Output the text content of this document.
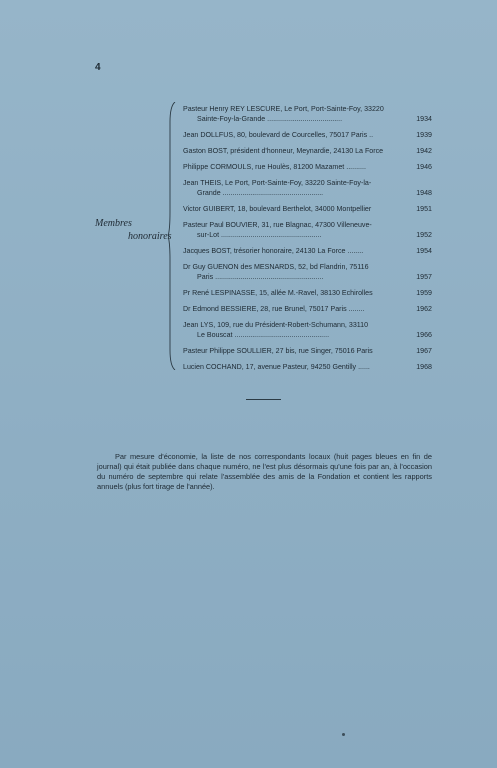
4
Membres
honoraires
Pasteur Henry REY LESCURE, Le Port, Port-Sainte-Foy, 33220
Sainte-Foy-la-Grande ......................................	1934
Jean DOLLFUS, 80, boulevard de Courcelles, 75017 Paris ..	1939
Gaston BOST, président d'honneur, Meynardie, 24130 La Force	1942
Philippe CORMOULS, rue Houlès, 81200 Mazamet ..........	1946
Jean THEIS, Le Port, Port-Sainte-Foy, 33220 Sainte-Foy-la-
Grande ...................................................	1948
Victor GUIBERT, 18, boulevard Berthelot, 34000 Montpellier	1951
Pasteur Paul BOUVIER, 31, rue Blagnac, 47300 Villeneuve-
sur-Lot ...................................................	1952
Jacques BOST, trésorier honoraire, 24130 La Force ........	1954
Dr Guy GUENON des MESNARDS, 52, bd Flandrin, 75116
Paris .......................................................	1957
Pr René LESPINASSE, 15, allée M.-Ravel, 38130 Echirolles	1959
Dr Edmond BESSIERE, 28, rue Brunel, 75017 Paris ........	1962
Jean LYS, 109, rue du Président-Robert-Schumann, 33110
Le Bouscat ................................................	1966
Pasteur Philippe SOULLIER, 27 bis, rue Singer, 75016 Paris	1967
Lucien COCHAND, 17, avenue Pasteur, 94250 Gentilly ......	1968
Par mesure d'économie, la liste de nos correspondants locaux (huit pages bleues en fin de journal) qui était publiée dans chaque numéro, ne l'est plus désormais qu'une fois par an, à l'occasion du numéro de septembre qui relate l'assemblée des amis de la Fondation et contient les rapports annuels (plus fort tirage de l'année).
